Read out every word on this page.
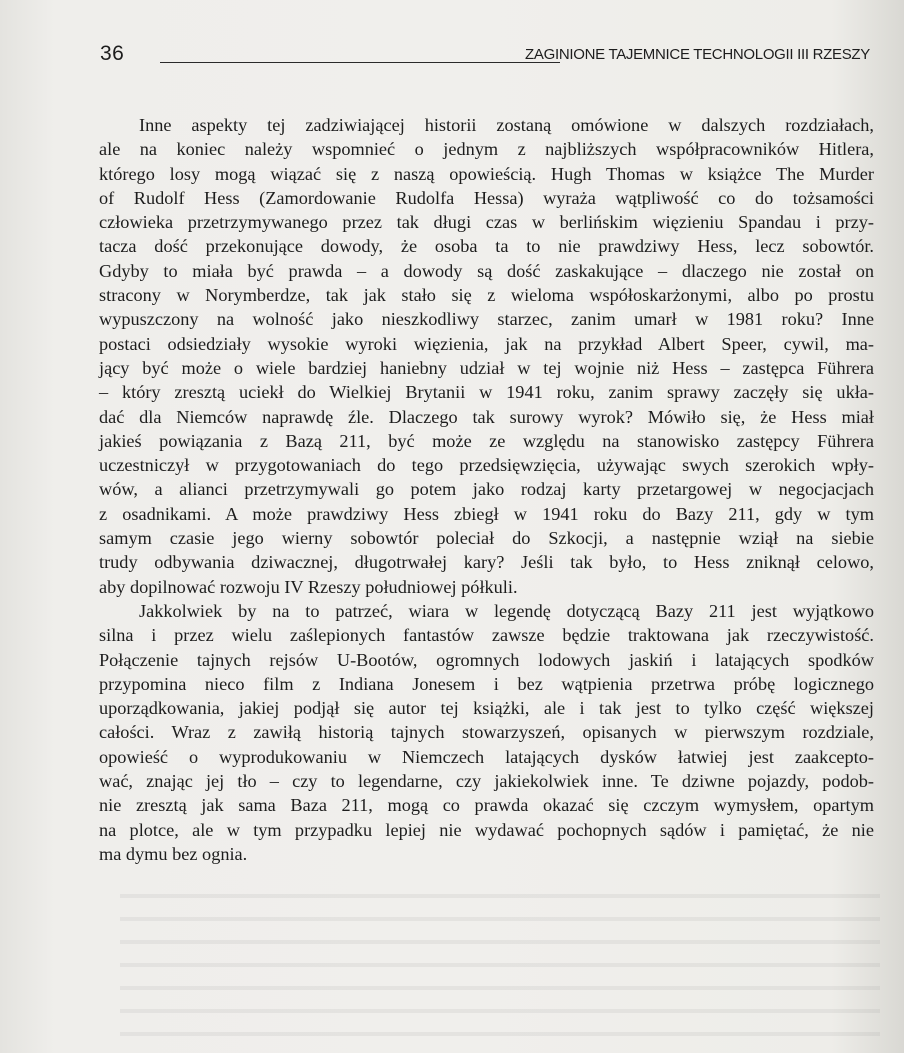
36	ZAGINIONE TAJEMNICE TECHNOLOGII III RZESZY
Inne aspekty tej zadziwiającej historii zostaną omówione w dalszych rozdziałach,
ale na koniec należy wspomnieć o jednym z najbliższych współpracowników Hitlera,
którego losy mogą wiązać się z naszą opowieścią. Hugh Thomas w książce The Murder
of Rudolf Hess (Zamordowanie Rudolfa Hessa) wyraża wątpliwość co do tożsamości
człowieka przetrzymywanego przez tak długi czas w berlińskim więzieniu Spandau i przy-
tacza dość przekonujące dowody, że osoba ta to nie prawdziwy Hess, lecz sobowtór.
Gdyby to miała być prawda – a dowody są dość zaskakujące – dlaczego nie został on
stracony w Norymberdze, tak jak stało się z wieloma współoskarżonymi, albo po prostu
wypuszczony na wolność jako nieszkodliwy starzec, zanim umarł w 1981 roku? Inne
postaci odsiedziały wysokie wyroki więzienia, jak na przykład Albert Speer, cywil, ma-
jący być może o wiele bardziej haniebny udział w tej wojnie niż Hess – zastępca Führera
– który zresztą uciekł do Wielkiej Brytanii w 1941 roku, zanim sprawy zaczęły się ukła-
dać dla Niemców naprawdę źle. Dlaczego tak surowy wyrok? Mówiło się, że Hess miał
jakieś powiązania z Bazą 211, być może ze względu na stanowisko zastępcy Führera
uczestniczył w przygotowaniach do tego przedsięwzięcia, używając swych szerokich wpły-
wów, a alianci przetrzymywali go potem jako rodzaj karty przetargowej w negocjacjach
z osadnikami. A może prawdziwy Hess zbiegł w 1941 roku do Bazy 211, gdy w tym
samym czasie jego wierny sobowtór poleciał do Szkocji, a następnie wziął na siebie
trudy odbywania dziwacznej, długotrwałej kary? Jeśli tak było, to Hess zniknął celowo,
aby dopilnować rozwoju IV Rzeszy południowej półkuli.
Jakkolwiek by na to patrzeć, wiara w legendę dotyczącą Bazy 211 jest wyjątkowo
silna i przez wielu zaślepionych fantastów zawsze będzie traktowana jak rzeczywistość.
Połączenie tajnych rejsów U-Bootów, ogromnych lodowych jaskiń i latających spodków
przypomina nieco film z Indiana Jonesem i bez wątpienia przetrwa próbę logicznego
uporządkowania, jakiej podjął się autor tej książki, ale i tak jest to tylko część większej
całości. Wraz z zawiłą historią tajnych stowarzyszeń, opisanych w pierwszym rozdziale,
opowieść o wyprodukowaniu w Niemczech latających dysków łatwiej jest zaakcepto-
wać, znając jej tło – czy to legendarne, czy jakiekolwiek inne. Te dziwne pojazdy, podob-
nie zresztą jak sama Baza 211, mogą co prawda okazać się czczym wymysłem, opartym
na plotce, ale w tym przypadku lepiej nie wydawać pochopnych sądów i pamiętać, że nie
ma dymu bez ognia.
